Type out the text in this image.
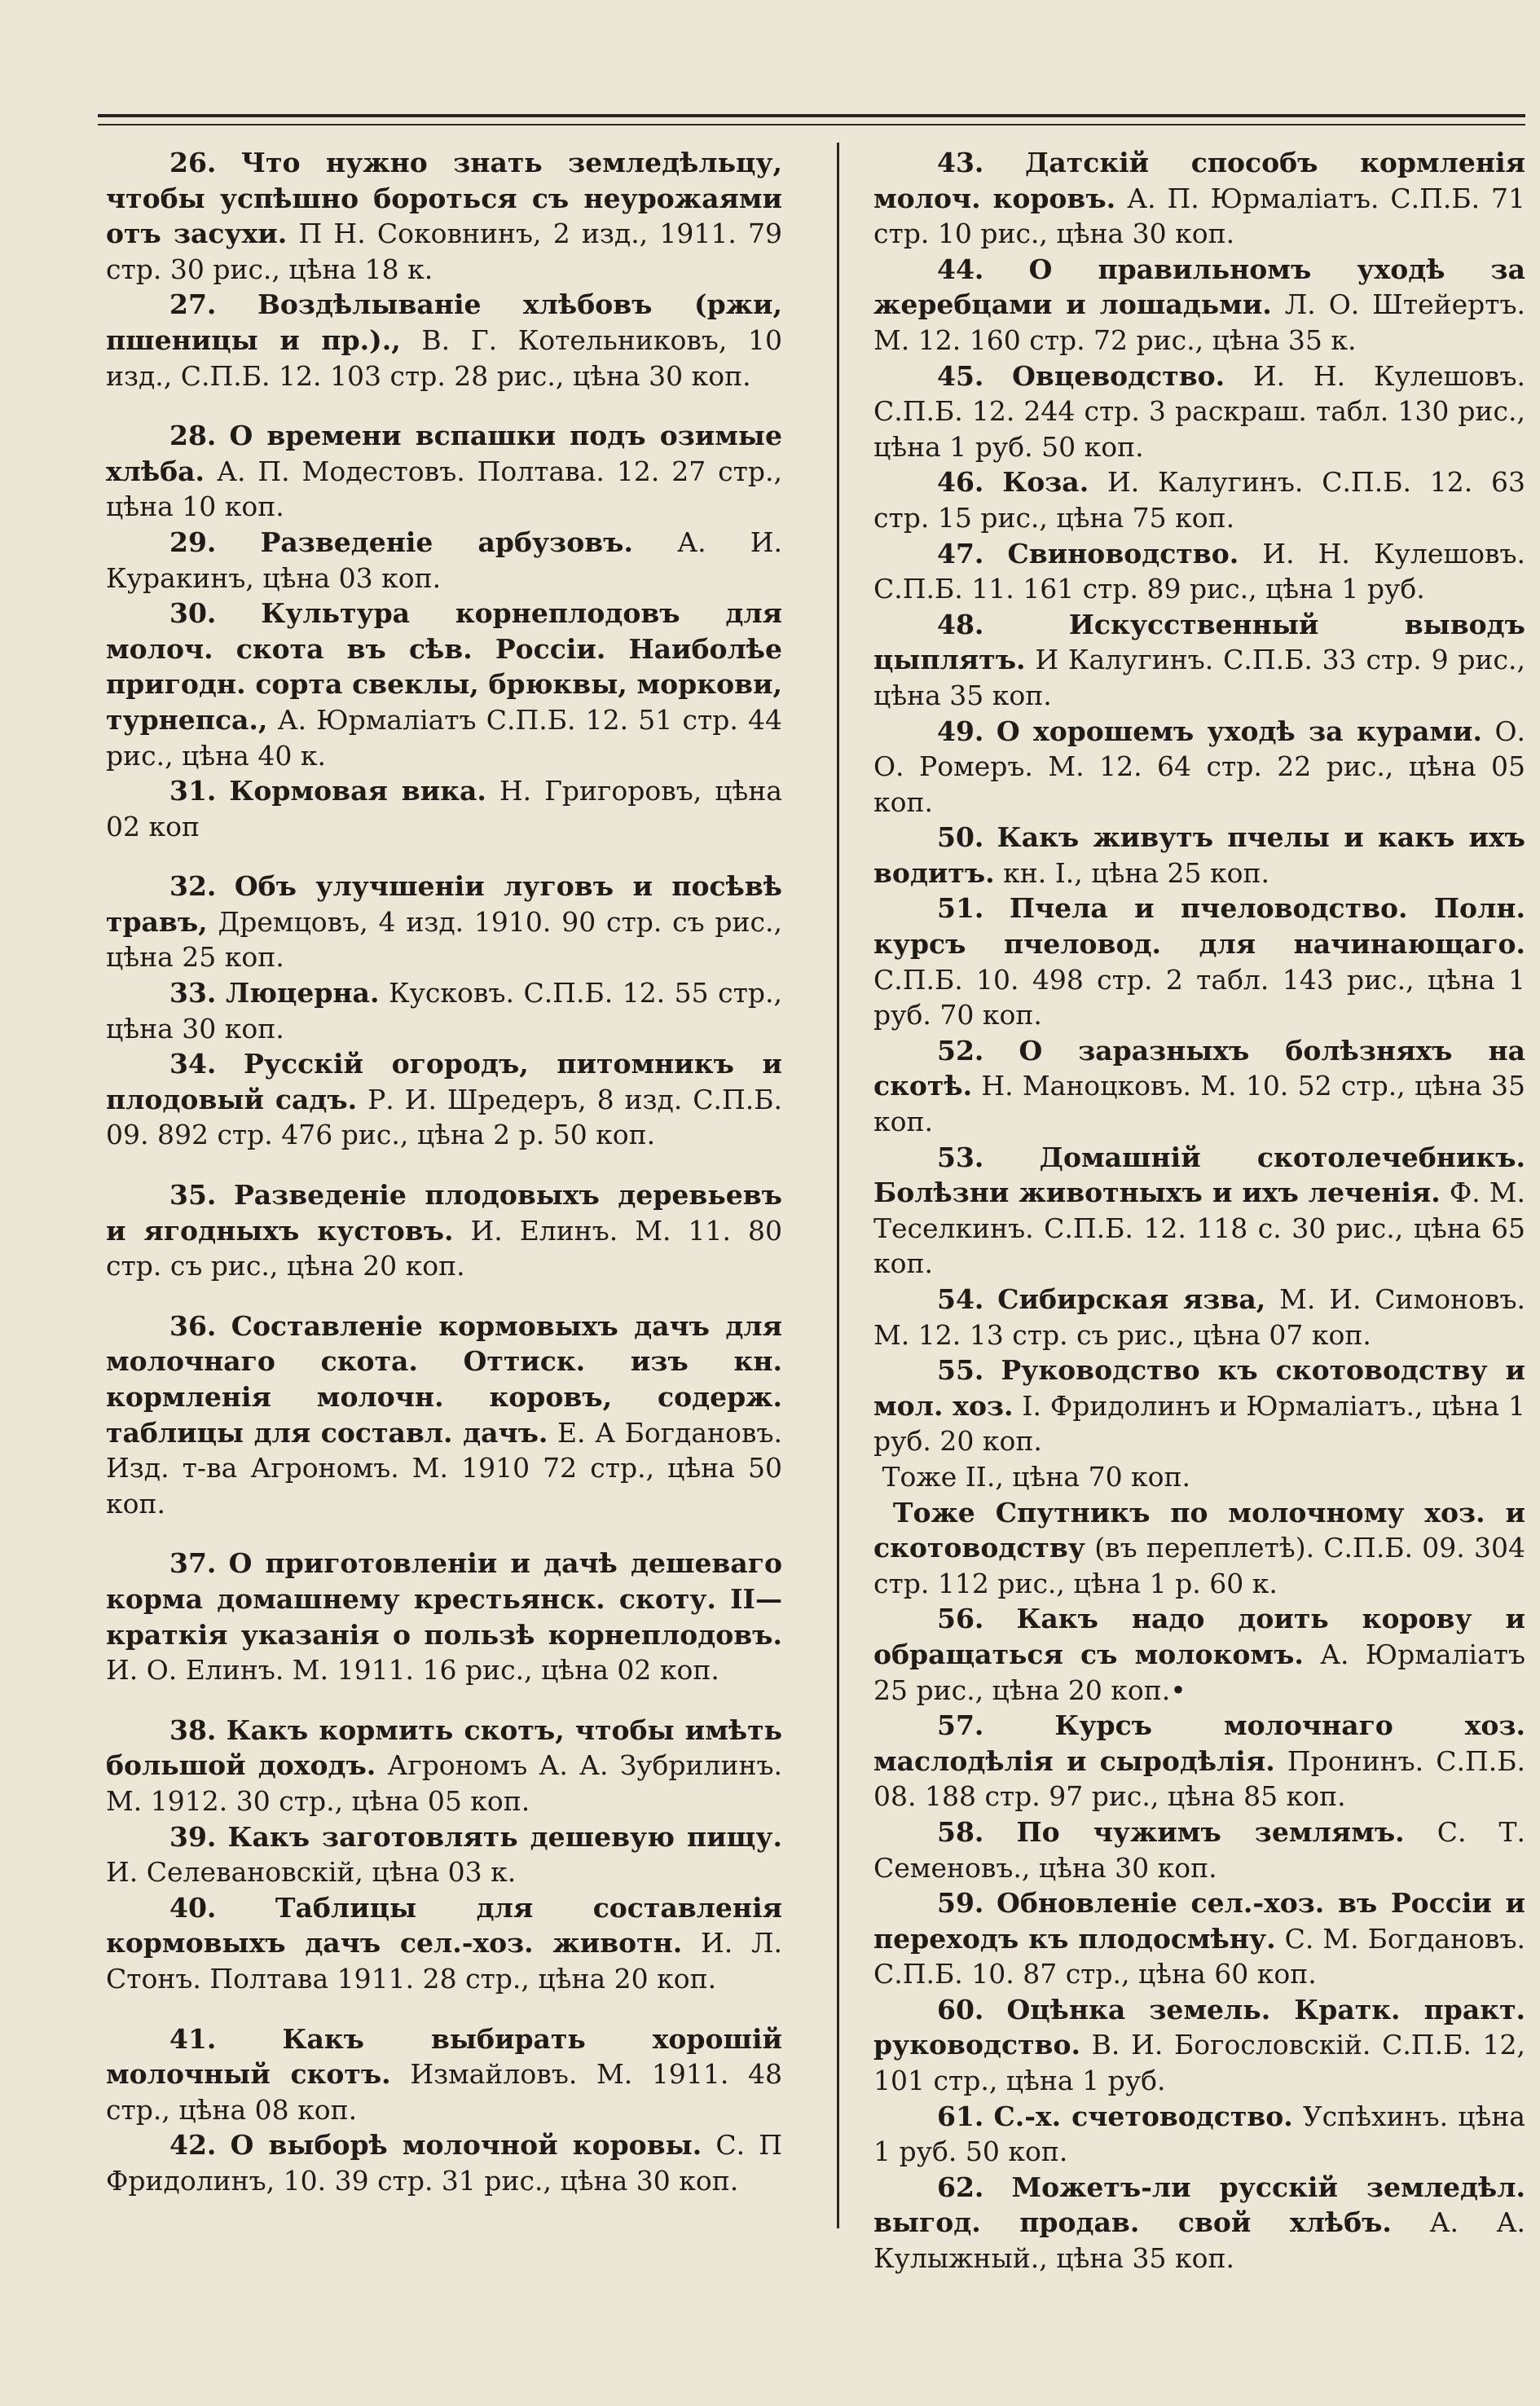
26. Что нужно знать земледѣльцу, чтобы успѣшно бороться съ неурожаями отъ засухи. П Н. Соковнинъ, 2 изд., 1911. 79 стр. 30 рис., цѣна 18 к.

27. Воздѣлываніе хлѣбовъ (ржи, пшеницы и пр.)., В. Г. Котельниковъ, 10 изд., С.П.Б. 12. 103 стр. 28 рис., цѣна 30 коп.

28. О времени вспашки подъ озимые хлѣба. А. П. Модестовъ. Полтава. 12. 27 стр., цѣна 10 коп.

29. Разведеніе арбузовъ. А. И. Куракинъ, цѣна 03 коп.

30. Культура корнеплодовъ для молоч. скота въ сѣв. Россіи. Наиболѣе пригодн. сорта свеклы, брюквы, моркови, турнепса., А. Юрмаліатъ С.П.Б. 12. 51 стр. 44 рис., цѣна 40 к.

31. Кормовая вика. Н. Григоровъ, цѣна 02 коп

32. Объ улучшеніи луговъ и посѣвѣ травъ, Дремцовъ, 4 изд. 1910. 90 стр. съ рис., цѣна 25 коп.

33. Люцерна. Кусковъ. С.П.Б. 12. 55 стр., цѣна 30 коп.

34. Русскій огородъ, питомникъ и плодовый садъ. Р. И. Шредеръ, 8 изд. С.П.Б. 09. 892 стр. 476 рис., цѣна 2 р. 50 коп.

35. Разведеніе плодовыхъ деревьевъ и ягодныхъ кустовъ. И. Елинъ. М. 11. 80 стр. съ рис., цѣна 20 коп.

36. Составленіе кормовыхъ дачъ для молочнаго скота. Оттиск. изъ кн. кормленія молочн. коровъ, содерж. таблицы для составл. дачъ. Е. А Богдановъ. Изд. т-ва Агрономъ. М. 1910 72 стр., цѣна 50 коп.

37. О приготовленіи и дачѣ дешеваго корма домашнему крестьянск. скоту. II—краткія указанія о пользѣ корнеплодовъ. И. О. Елинъ. М. 1911. 16 рис., цѣна 02 коп.

38. Какъ кормить скотъ, чтобы имѣть большой доходъ. Агрономъ А. А. Зубрилинъ. М. 1912. 30 стр., цѣна 05 коп.

39. Какъ заготовлять дешевую пищу. И. Селевановскій, цѣна 03 к.

40. Таблицы для составленія кормовыхъ дачъ сел.-хоз. животн. И. Л. Стонъ. Полтава 1911. 28 стр., цѣна 20 коп.

41. Какъ выбирать хорошій молочный скотъ. Измайловъ. М. 1911. 48 стр., цѣна 08 коп.

42. О выборѣ молочной коровы. С. П Фридолинъ, 10. 39 стр. 31 рис., цѣна 30 коп.

43. Датскій способъ кормленія молоч. коровъ. А. П. Юрмаліатъ. С.П.Б. 71 стр. 10 рис., цѣна 30 коп.

44. О правильномъ уходѣ за жеребцами и лошадьми. Л. О. Штейертъ. М. 12. 160 стр. 72 рис., цѣна 35 к.

45. Овцеводство. И. Н. Кулешовъ. С.П.Б. 12. 244 стр. 3 раскраш. табл. 130 рис., цѣна 1 руб. 50 коп.

46. Коза. И. Калугинъ. С.П.Б. 12. 63 стр. 15 рис., цѣна 75 коп.

47. Свиноводство. И. Н. Кулешовъ. С.П.Б. 11. 161 стр. 89 рис., цѣна 1 руб.

48.	Искусственный выводъ цыплятъ. И Калугинъ. С.П.Б. 33 стр. 9 рис., цѣна 35 коп.

49. О хорошемъ уходѣ за курами. О. О. Ромеръ. М. 12. 64 стр. 22 рис., цѣна 05 коп.

50. Какъ живутъ пчелы и какъ ихъ водитъ. кн. I., цѣна 25 коп.

51. Пчела и пчеловодство. Полн. курсъ пчеловод. для начинающаго. С.П.Б. 10. 498 стр. 2 табл. 143 рис., цѣна 1 руб. 70 коп.

52. О заразныхъ болѣзняхъ на скотѣ. Н. Маноцковъ. М. 10. 52 стр., цѣна 35 коп.

53. Домашній скотолечебникъ. Болѣзни животныхъ и ихъ леченія. Ф. М. Теселкинъ. С.П.Б. 12. 118 с. 30 рис., цѣна 65 коп.

54. Сибирская язва, М. И. Симоновъ. М. 12. 13 стр. съ рис., цѣна 07 коп.

55. Руководство къ скотоводству и мол. хоз. I. Фридолинъ и Юрмаліатъ., цѣна 1 руб. 20 коп.

Тоже II., цѣна 70 коп.

Тоже Спутникъ по молочному хоз. и скотоводству (въ переплетѣ). С.П.Б. 09. 304 стр. 112 рис., цѣна 1 р. 60 к.

56. Какъ надо доить корову и обращаться съ молокомъ. А. Юрмаліатъ 25 рис., цѣна 20 коп.•

57.	Курсъ молочнаго хоз. маслодѣлія и сыродѣлія. Пронинъ. С.П.Б. 08. 188 стр. 97 рис., цѣна 85 коп.

58. По чужимъ землямъ. С. Т. Семеновъ., цѣна 30 коп.

59. Обновленіе сел.-хоз. въ Россіи и переходъ къ плодосмѣну. С. М. Богдановъ. С.П.Б. 10. 87 стр., цѣна 60 коп.

60. Оцѣнка земель. Кратк. практ. руководство. В. И. Богословскій. С.П.Б. 12, 101 стр., цѣна 1 руб.

61. С.-х. счетоводство. Успѣхинъ. цѣна 1 руб. 50 коп.

62. Можетъ-ли русскій земледѣл. выгод. продав. свой хлѣбъ. А. А. Кулыжный., цѣна 35 коп.
